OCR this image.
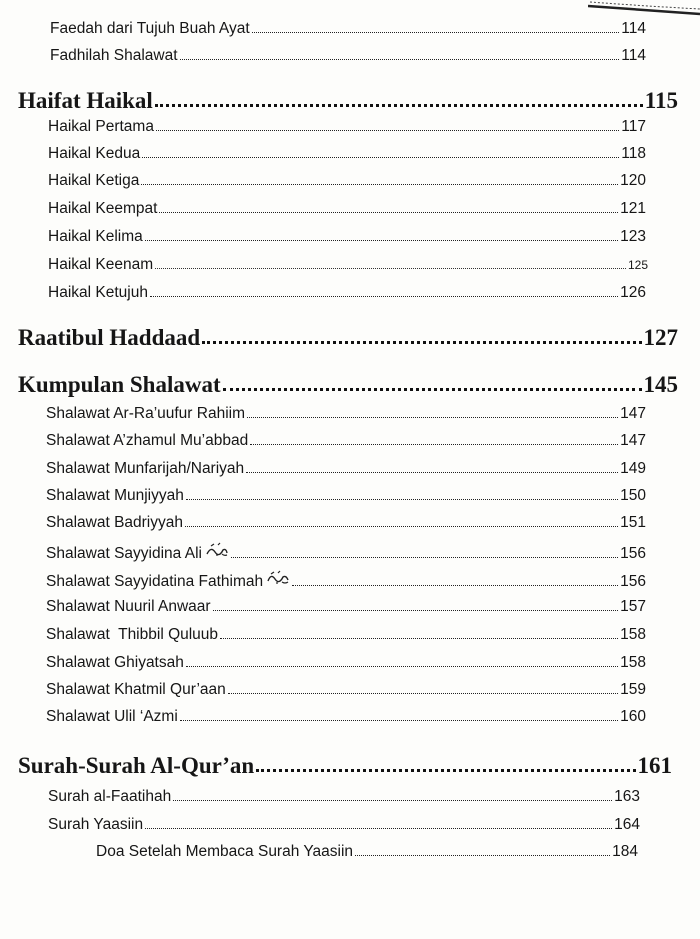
Faedah dari Tujuh Buah Ayat	114
Fadhilah Shalawat	114
Haifat Haikal	115
Haikal Pertama	117
Haikal Kedua	118
Haikal Ketiga	120
Haikal Keempat	121
Haikal Kelima	123
Haikal Keenam	125
Haikal Ketujuh	126
Raatibul Haddaad	127
Kumpulan Shalawat	145
Shalawat Ar-Ra’uufur Rahiim	147
Shalawat A’zhamul Mu’abbad	147
Shalawat Munfarijah/Nariyah	149
Shalawat Munjiyyah	150
Shalawat Badriyyah	151
Shalawat Sayyidina Ali	156
Shalawat Sayyidatina Fathimah	156
Shalawat Nuuril Anwaar	157
Shalawat  Thibbil Quluub	158
Shalawat Ghiyatsah	158
Shalawat Khatmil Qur’aan	159
Shalawat Ulil ‘Azmi	160
Surah-Surah Al-Qur’an	161
Surah al-Faatihah	163
Surah Yaasiin	164
Doa Setelah Membaca Surah Yaasiin	184
